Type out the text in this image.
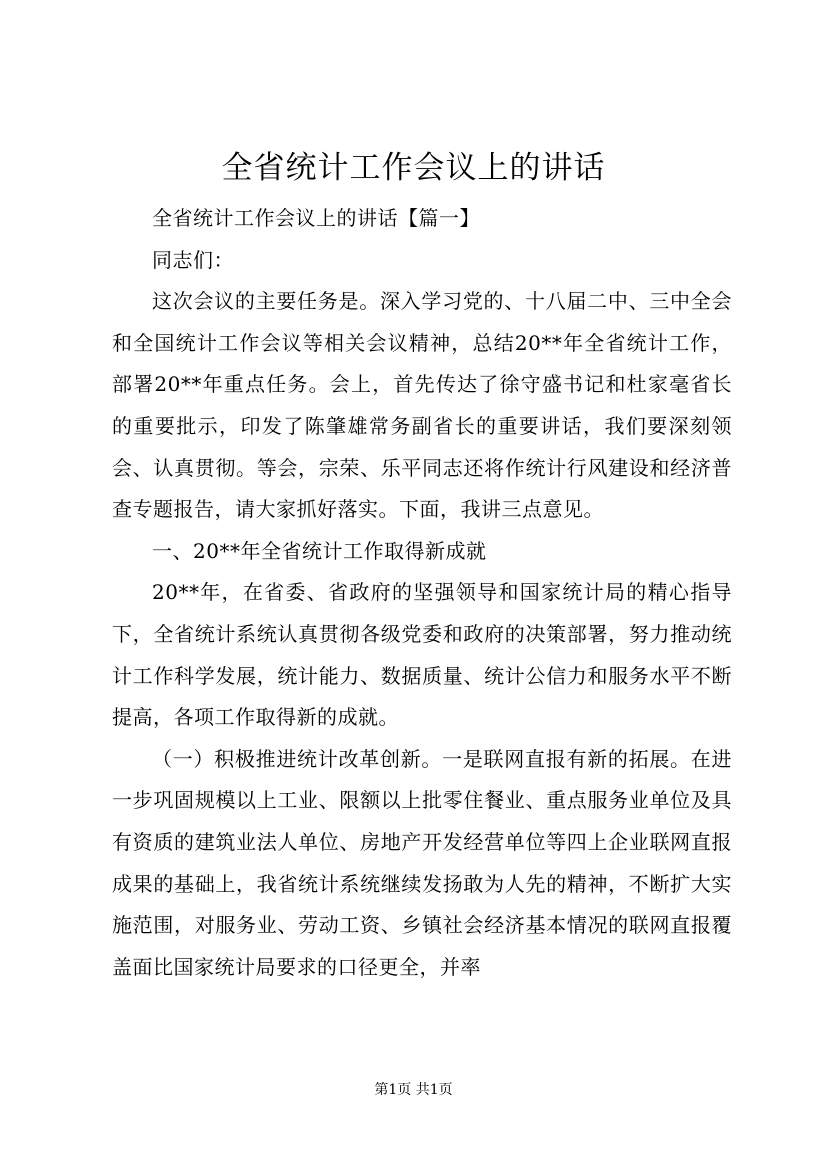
全省统计工作会议上的讲话

全省统计工作会议上的讲话【篇一】

同志们：

这次会议的主要任务是。深入学习党的、十八届二中、三中全会和全国统计工作会议等相关会议精神，总结20**年全省统计工作，部署20**年重点任务。会上，首先传达了徐守盛书记和杜家毫省长的重要批示，印发了陈肇雄常务副省长的重要讲话，我们要深刻领会、认真贯彻。等会，宗荣、乐平同志还将作统计行风建设和经济普查专题报告，请大家抓好落实。下面，我讲三点意见。

一、20**年全省统计工作取得新成就

20**年，在省委、省政府的坚强领导和国家统计局的精心指导下，全省统计系统认真贯彻各级党委和政府的决策部署，努力推动统计工作科学发展，统计能力、数据质量、统计公信力和服务水平不断提高，各项工作取得新的成就。

（一）积极推进统计改革创新。一是联网直报有新的拓展。在进一步巩固规模以上工业、限额以上批零住餐业、重点服务业单位及具有资质的建筑业法人单位、房地产开发经营单位等四上企业联网直报成果的基础上，我省统计系统继续发扬敢为人先的精神，不断扩大实施范围，对服务业、劳动工资、乡镇社会经济基本情况的联网直报覆盖面比国家统计局要求的口径更全，并率

第1页 共1页
